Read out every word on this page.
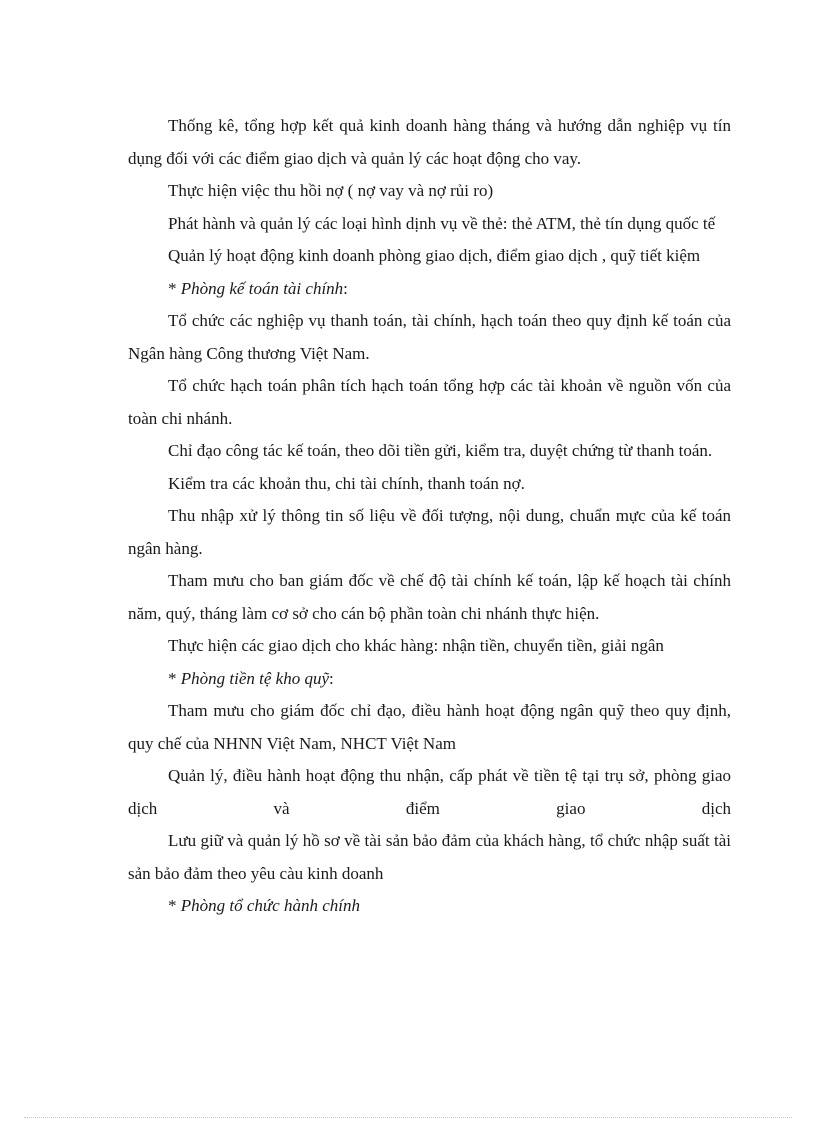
Thống kê, tổng hợp kết quả kinh doanh hàng tháng và hướng dẫn nghiệp vụ tín dụng đối với các điểm giao dịch và quản lý các hoạt động cho vay.

Thực hiện việc thu hồi nợ ( nợ vay và nợ rủi ro)

Phát hành và quản lý các loại hình dịnh vụ về thẻ: thẻ ATM, thẻ tín dụng quốc tế

Quản lý hoạt động kinh doanh phòng giao dịch, điểm giao dịch , quỹ tiết kiệm

* Phòng kế toán tài chính:

Tổ chức các nghiệp vụ thanh toán, tài chính, hạch toán theo quy định kế toán của Ngân hàng Công thương Việt Nam.

Tổ chức hạch toán phân tích hạch toán tổng hợp các tài khoản về nguồn vốn của toàn chi nhánh.

Chỉ đạo công tác kế toán, theo dõi tiền gửi, kiểm tra, duyệt chứng từ thanh toán.

Kiểm tra các khoản thu, chi tài chính, thanh toán nợ.

Thu nhập xử lý thông tin số liệu về đối tượng, nội dung, chuẩn mực của kế toán ngân hàng.

Tham mưu cho ban giám đốc về chế độ tài chính kế toán, lập kế hoạch tài chính năm, quý, tháng làm cơ sở cho cán bộ phần toàn chi nhánh thực hiện.

Thực hiện các giao dịch cho khác hàng: nhận tiền, chuyển tiền, giải ngân

* Phòng tiền tệ kho quỹ:

Tham mưu cho giám đốc chỉ đạo, điều hành hoạt động ngân quỹ theo quy định, quy chế của NHNN Việt Nam, NHCT Việt Nam

Quản lý, điều hành hoạt động thu nhận, cấp phát về tiền tệ tại trụ sở, phòng giao dịch và điểm giao dịch

Lưu giữ và quản lý hồ sơ về tài sản bảo đảm của khách hàng, tổ chức nhập suất tài sản bảo đảm theo yêu càu kinh doanh

* Phòng tổ chức hành chính
